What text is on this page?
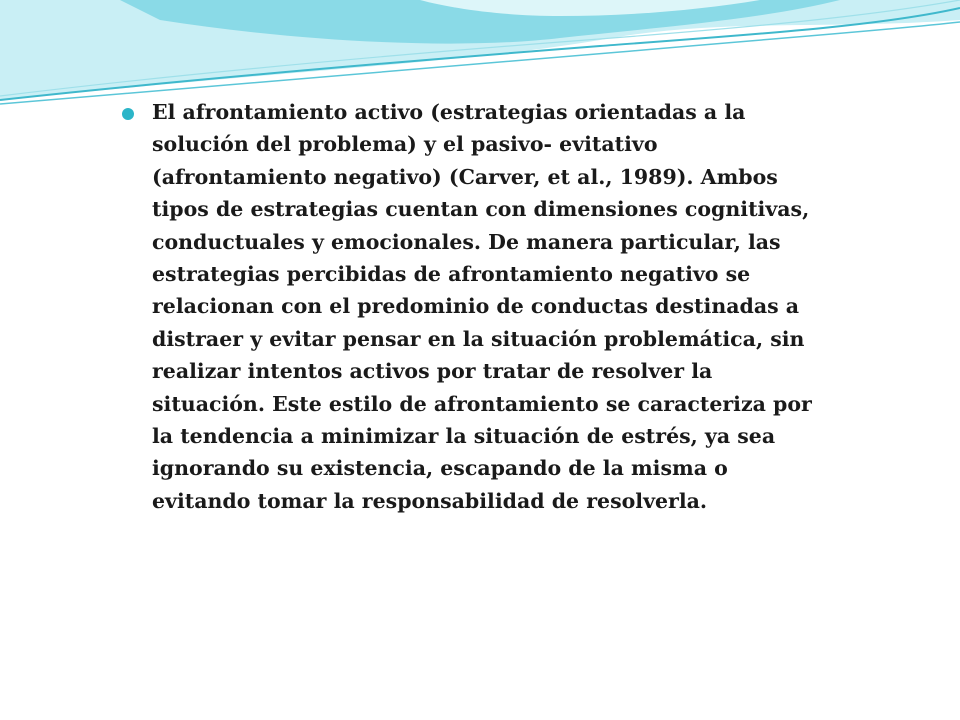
El afrontamiento activo (estrategias orientadas a la
solución del problema) y el pasivo- evitativo
(afrontamiento negativo) (Carver, et al., 1989). Ambos
tipos de estrategias cuentan con dimensiones cognitivas,
conductuales y emocionales. De manera particular, las
estrategias percibidas de afrontamiento negativo se
relacionan con el predominio de conductas destinadas a
distraer y evitar pensar en la situación problemática, sin
realizar intentos activos por tratar de resolver la
situación. Este estilo de afrontamiento se caracteriza por
la tendencia a minimizar la situación de estrés, ya sea
ignorando su existencia, escapando de la misma o
evitando tomar la responsabilidad de resolverla.
